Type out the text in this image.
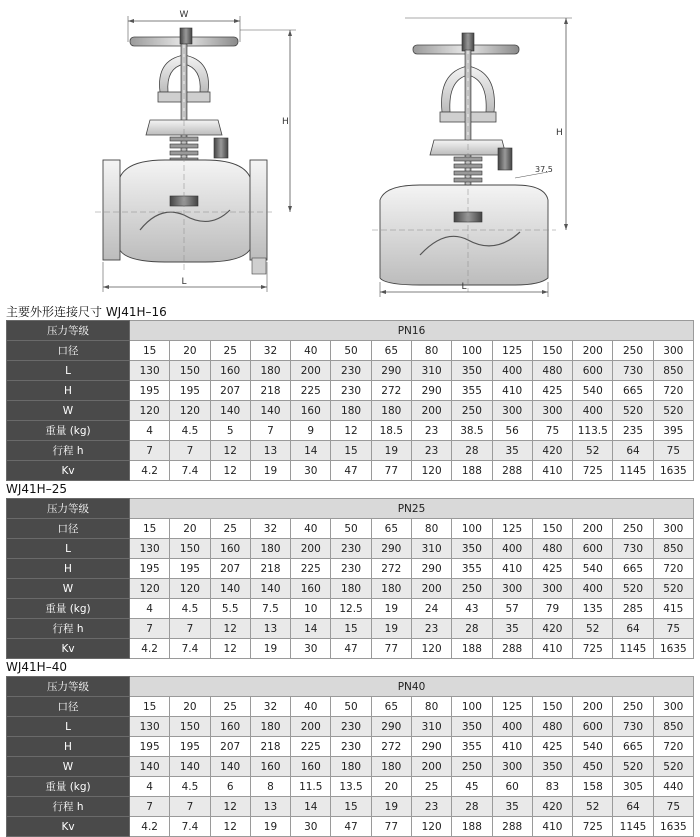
W
H
L
37.5
H
L
主要外形连接尺寸 WJ41H–16
压力等级	PN16													
口径	15	20	25	32	40	50	65	80	100	125	150	200	250	300
L	130	150	160	180	200	230	290	310	350	400	480	600	730	850
H	195	195	207	218	225	230	272	290	355	410	425	540	665	720
W	120	120	140	140	160	180	180	200	250	300	300	400	520	520
重量 (kg)	4	4.5	5	7	9	12	18.5	23	38.5	56	75	113.5	235	395
行程 h	7	7	12	13	14	15	19	23	28	35	420	52	64	75
Kv	4.2	7.4	12	19	30	47	77	120	188	288	410	725	1145	1635
WJ41H–25
压力等级	PN25													
口径	15	20	25	32	40	50	65	80	100	125	150	200	250	300
L	130	150	160	180	200	230	290	310	350	400	480	600	730	850
H	195	195	207	218	225	230	272	290	355	410	425	540	665	720
W	120	120	140	140	160	180	180	200	250	300	300	400	520	520
重量 (kg)	4	4.5	5.5	7.5	10	12.5	19	24	43	57	79	135	285	415
行程 h	7	7	12	13	14	15	19	23	28	35	420	52	64	75
Kv	4.2	7.4	12	19	30	47	77	120	188	288	410	725	1145	1635
WJ41H–40
压力等级	PN40													
口径	15	20	25	32	40	50	65	80	100	125	150	200	250	300
L	130	150	160	180	200	230	290	310	350	400	480	600	730	850
H	195	195	207	218	225	230	272	290	355	410	425	540	665	720
W	140	140	140	160	160	180	180	200	250	300	350	450	520	520
重量 (kg)	4	4.5	6	8	11.5	13.5	20	25	45	60	83	158	305	440
行程 h	7	7	12	13	14	15	19	23	28	35	420	52	64	75
Kv	4.2	7.4	12	19	30	47	77	120	188	288	410	725	1145	1635
